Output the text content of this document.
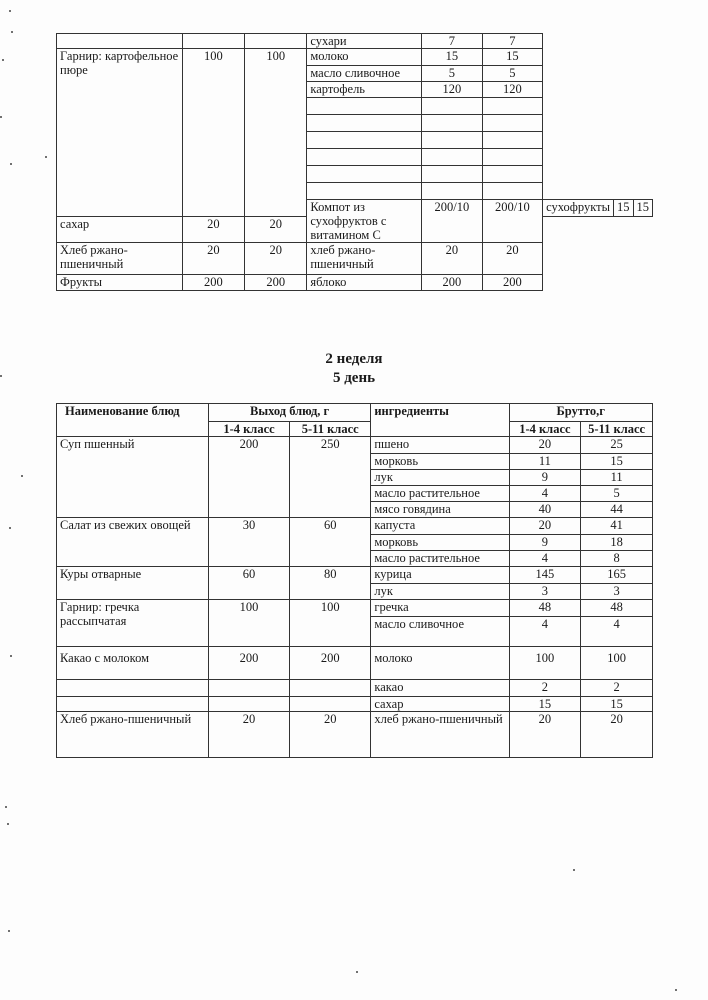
			сухари	7	7			
Гарнир: картофельное пюре	100	100	молоко	15	15			
			масло сливочное	5	5			
			картофель	120	120			

			Компот из сухофруктов с витамином С	200/10	200/10	сухофрукты	15	15
сахар	20	20						
Хлеб ржано-пшеничный	20	20	хлеб ржано-пшеничный	20	20			
Фрукты	200	200	яблоко	200	200			
2 неделя
5 день
Наименование блюд	Выход блюд, г		ингредиенты	Брутто,г	
	1-4 класс	5-11 класс		1-4 класс	5-11 класс
Суп пшенный	200	250	пшено	20	25
			морковь	11	15
			лук	9	11
			масло растительное	4	5
			мясо говядина	40	44
Салат из свежих овощей	30	60	капуста	20	41
			морковь	9	18
			масло растительное	4	8
Куры отварные	60	80	курица	145	165
			лук	3	3
Гарнир: гречка рассыпчатая	100	100	гречка	48	48
			масло сливочное	4	4
Какао с молоком	200	200	молоко	100	100
			какао	2	2
			сахар	15	15
Хлеб ржано-пшеничный	20	20	хлеб ржано-пшеничный	20	20
